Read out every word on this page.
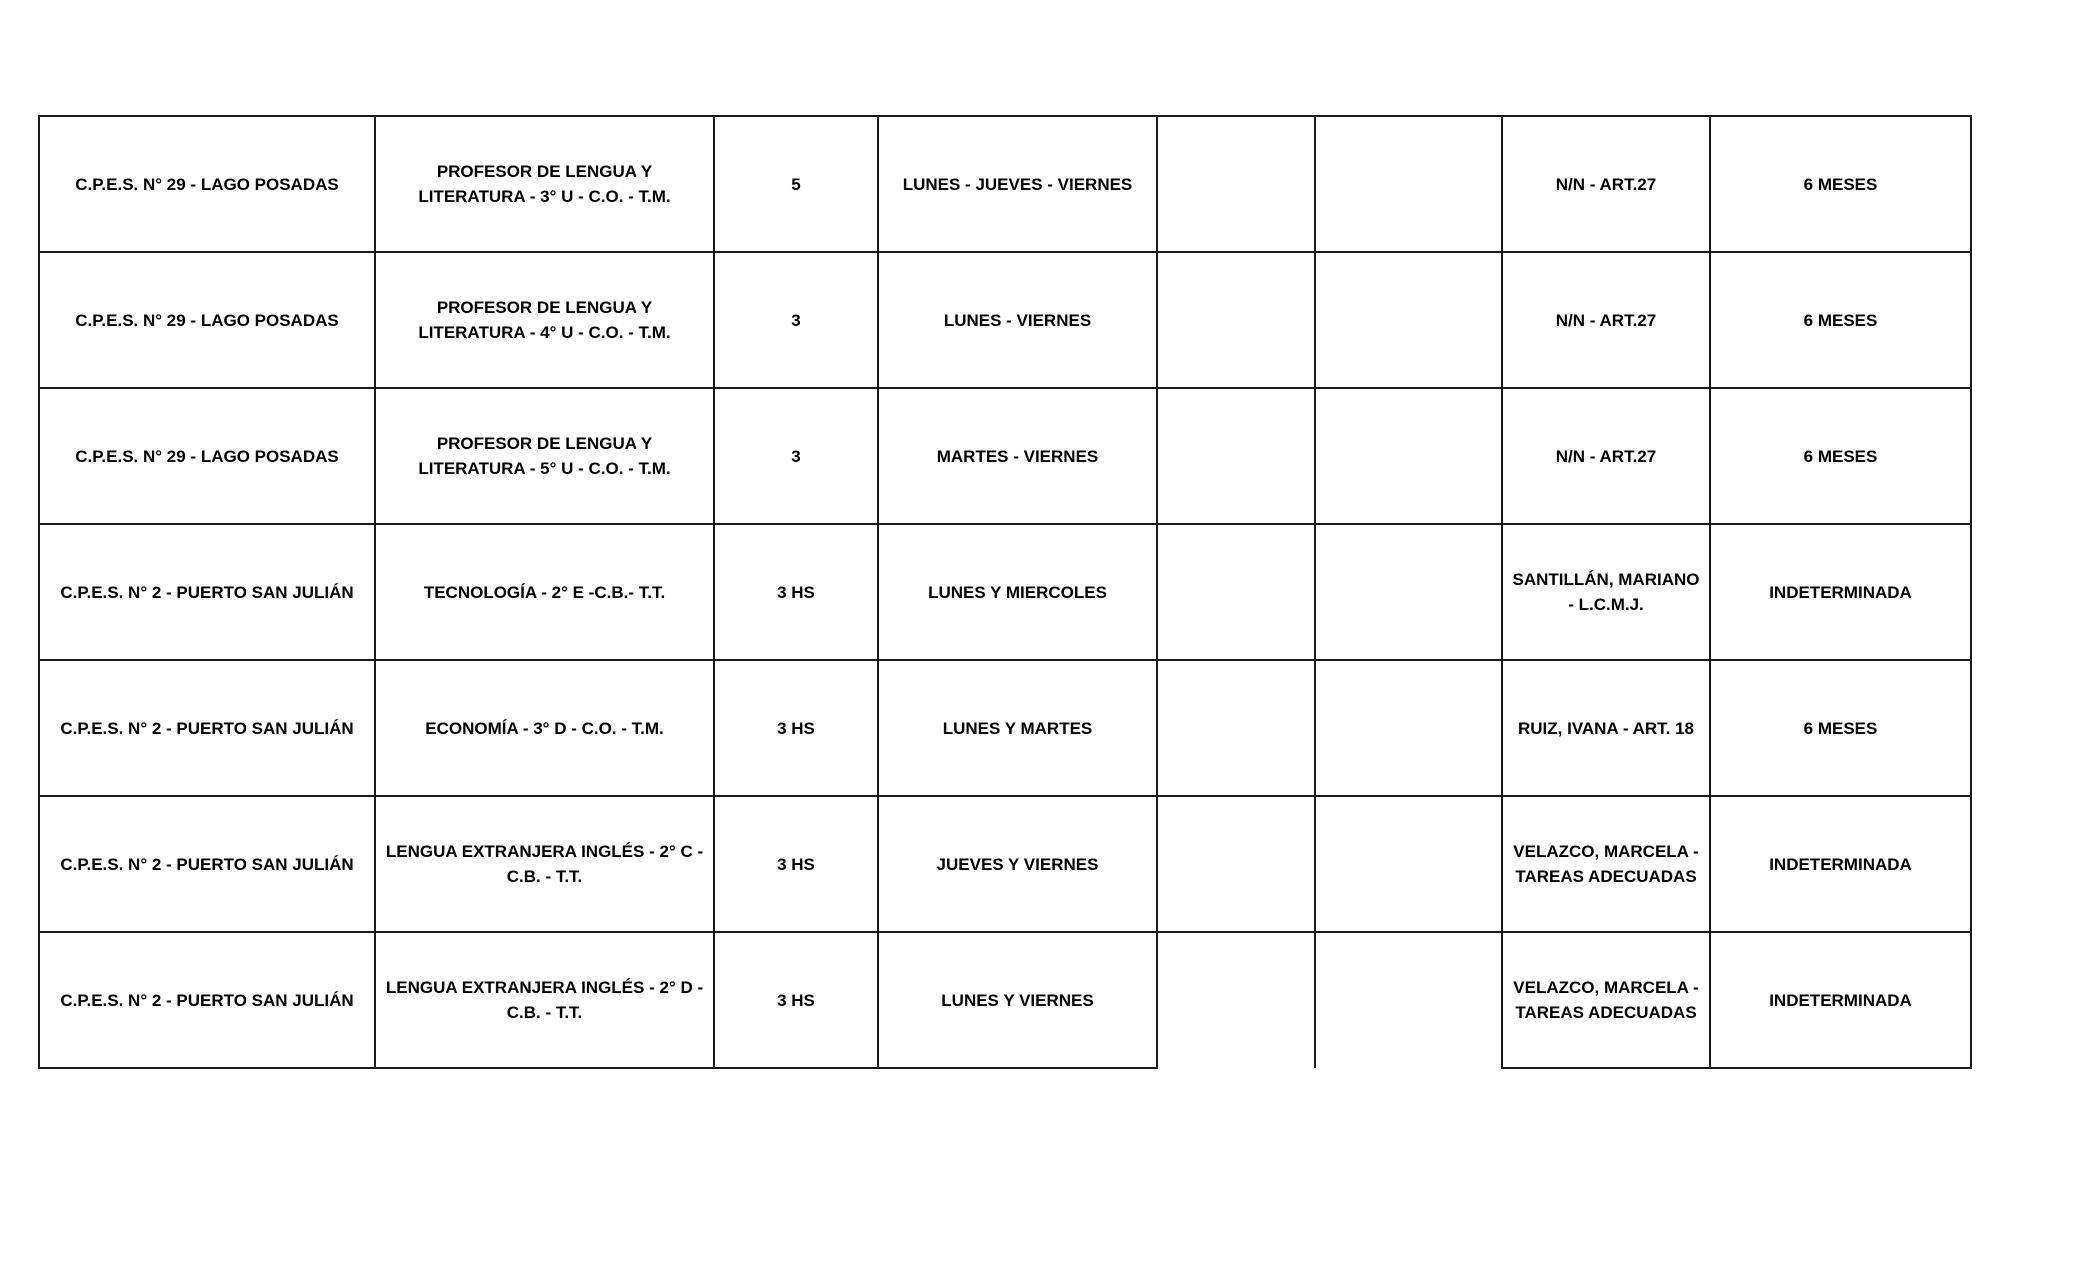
C.P.E.S. N° 29 - LAGO POSADAS	PROFESOR DE LENGUA Y LITERATURA - 3° U - C.O. - T.M.	5	LUNES - JUEVES - VIERNES			N/N - ART.27	6 MESES
C.P.E.S. N° 29 - LAGO POSADAS	PROFESOR DE LENGUA Y LITERATURA - 4° U - C.O. - T.M.	3	LUNES - VIERNES			N/N - ART.27	6 MESES
C.P.E.S. N° 29 - LAGO POSADAS	PROFESOR DE LENGUA Y LITERATURA - 5° U - C.O. - T.M.	3	MARTES - VIERNES			N/N - ART.27	6 MESES
C.P.E.S. N° 2 - PUERTO SAN JULIÁN	TECNOLOGÍA - 2° E -C.B.- T.T.	3 HS	LUNES Y MIERCOLES			SANTILLÁN, MARIANO - L.C.M.J.	INDETERMINADA
C.P.E.S. N° 2 - PUERTO SAN JULIÁN	ECONOMÍA - 3° D - C.O. - T.M.	3 HS	LUNES Y MARTES			RUIZ, IVANA - ART. 18	6 MESES
C.P.E.S. N° 2 - PUERTO SAN JULIÁN	LENGUA EXTRANJERA INGLÉS - 2° C - C.B. - T.T.	3 HS	JUEVES Y VIERNES			VELAZCO, MARCELA - TAREAS ADECUADAS	INDETERMINADA
C.P.E.S. N° 2 - PUERTO SAN JULIÁN	LENGUA EXTRANJERA INGLÉS - 2° D - C.B. - T.T.	3 HS	LUNES Y VIERNES			VELAZCO, MARCELA - TAREAS ADECUADAS	INDETERMINADA
